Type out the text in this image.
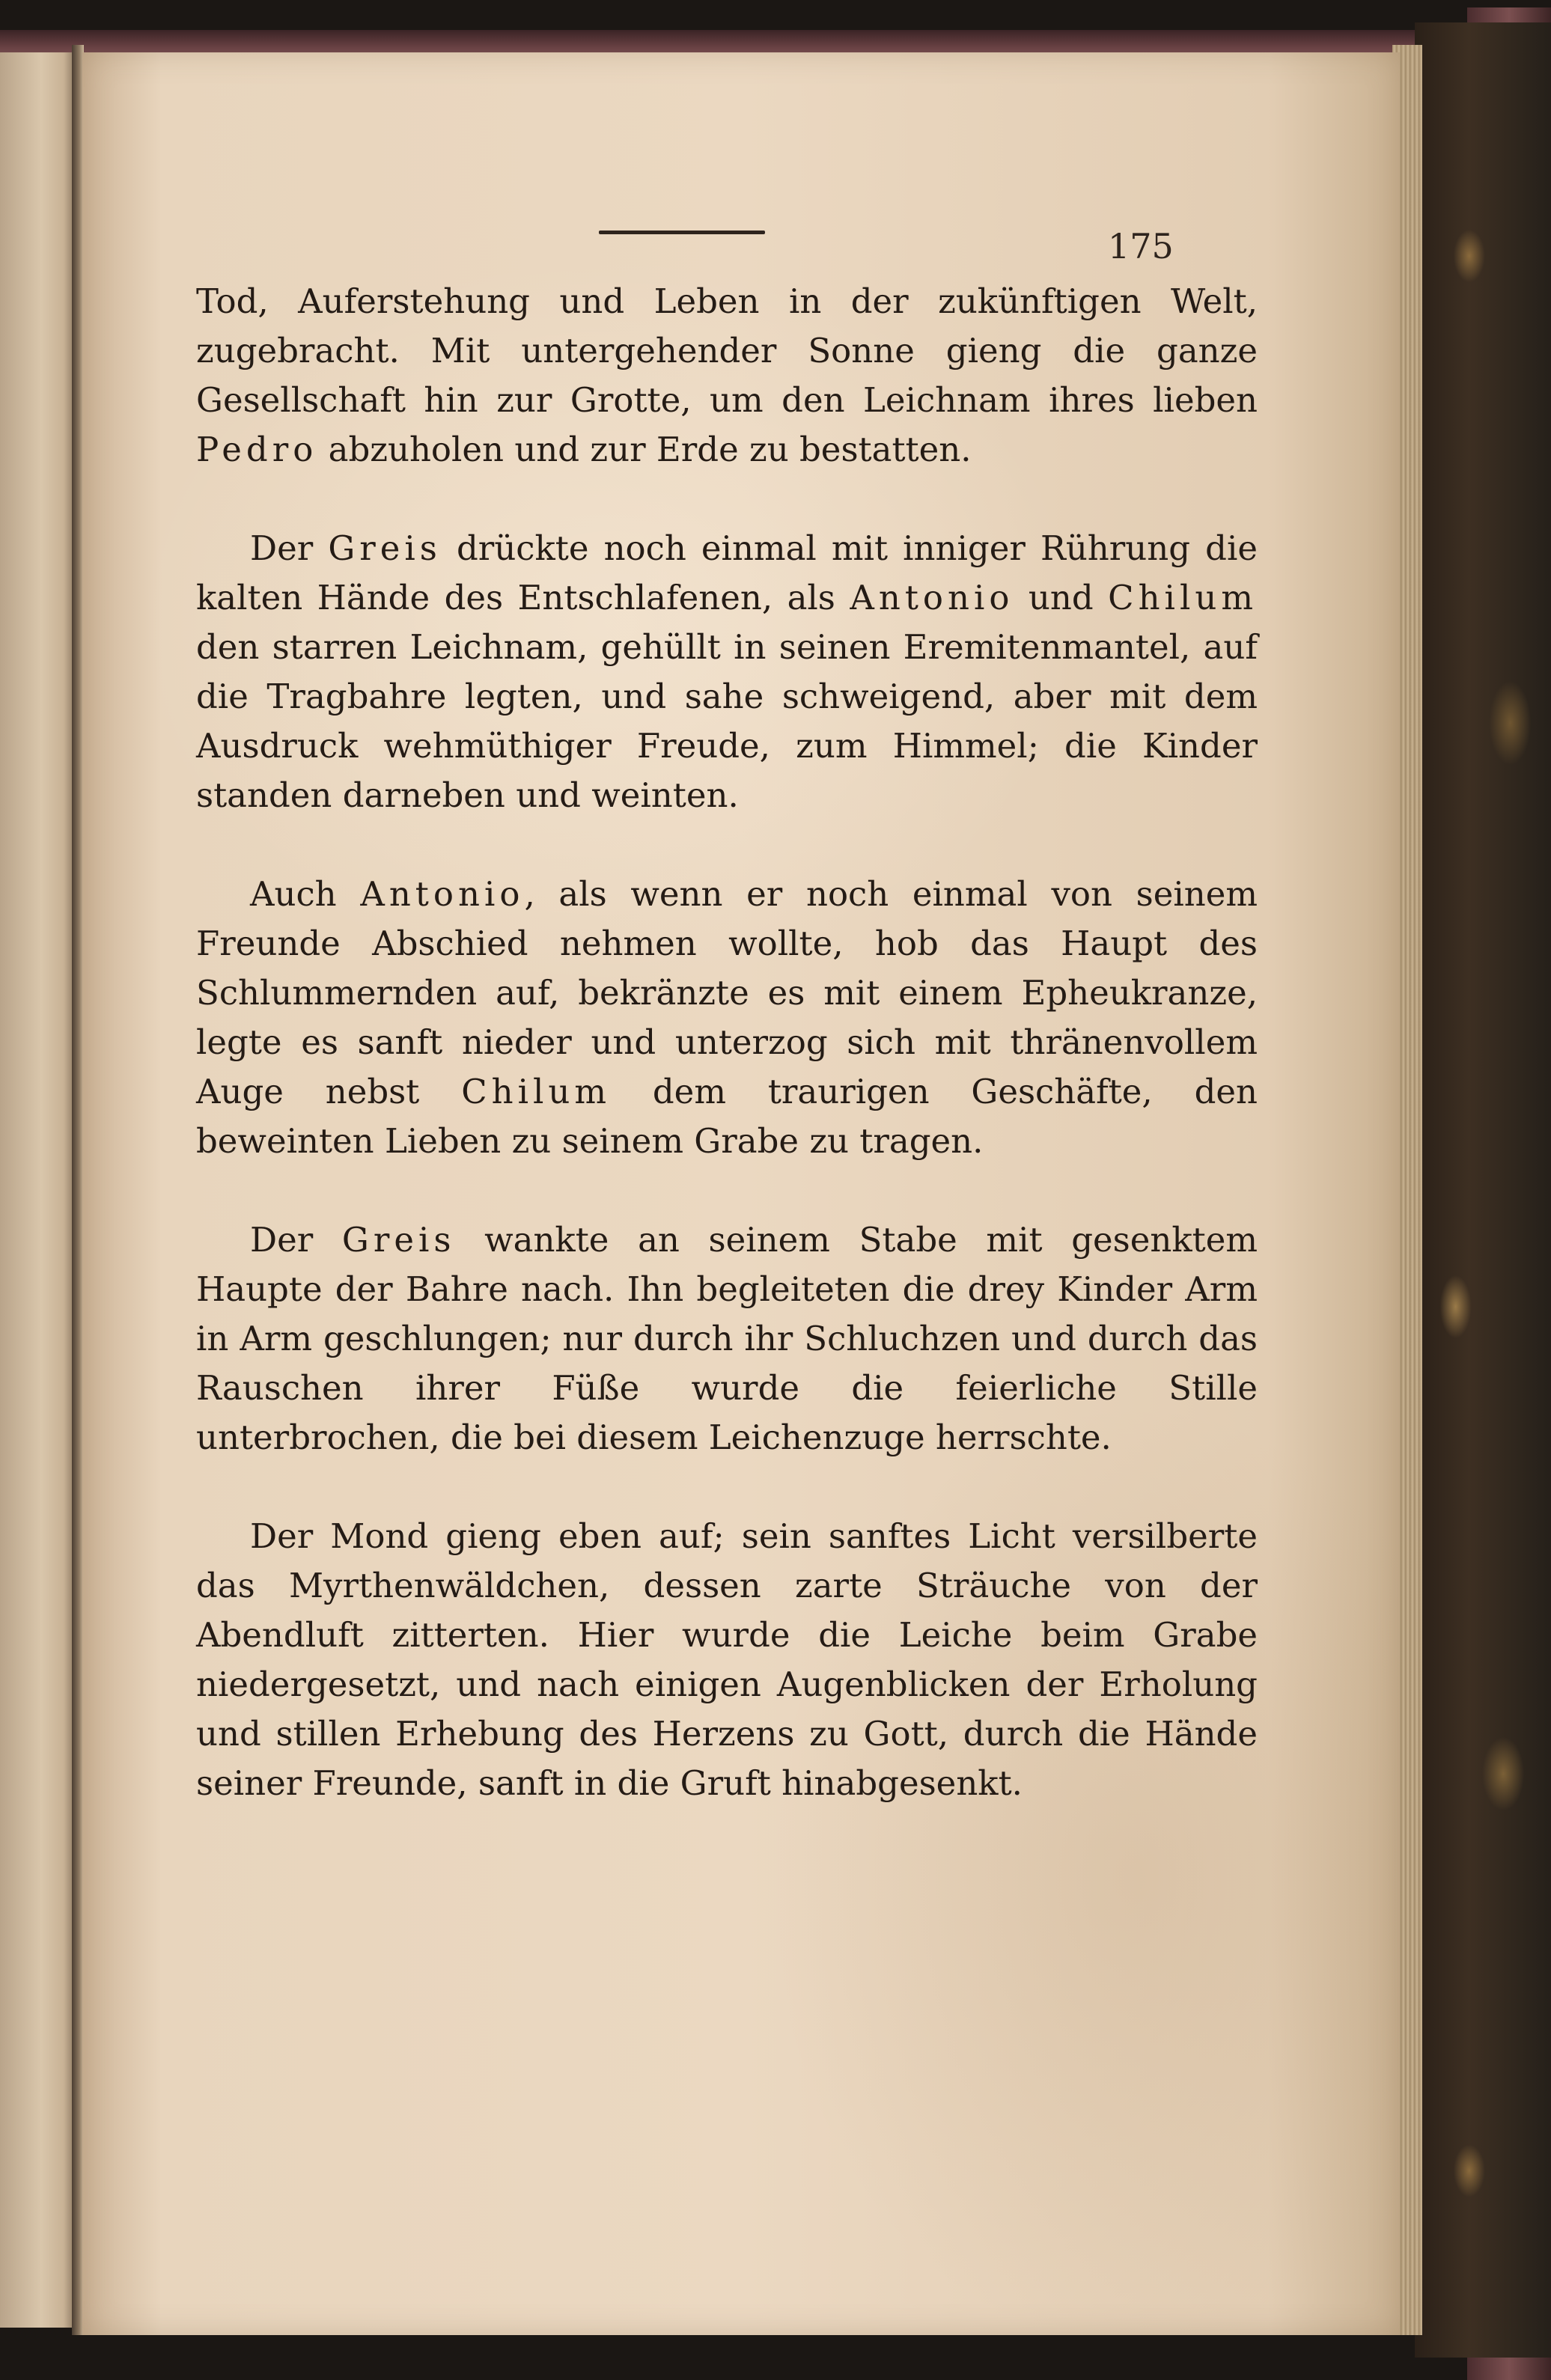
175

Tod, Auferstehung und Leben in der zukünftigen Welt, zugebracht. Mit untergehender Sonne gieng die ganze Gesellschaft hin zur Grotte, um den Leichnam ihres lieben Pedro abzuholen und zur Erde zu bestatten.

Der Greis drückte noch einmal mit inniger Rührung die kalten Hände des Entschlafenen, als Antonio und Chilum den starren Leichnam, gehüllt in seinen Eremitenmantel, auf die Tragbahre legten, und sahe schweigend, aber mit dem Ausdruck wehmüthiger Freude, zum Himmel; die Kinder standen darneben und weinten.

Auch Antonio, als wenn er noch einmal von seinem Freunde Abschied nehmen wollte, hob das Haupt des Schlummernden auf, bekränzte es mit einem Epheukranze, legte es sanft nieder und unterzog sich mit thränenvollem Auge nebst Chilum dem traurigen Geschäfte, den beweinten Lieben zu seinem Grabe zu tragen.

Der Greis wankte an seinem Stabe mit gesenktem Haupte der Bahre nach. Ihn begleiteten die drey Kinder Arm in Arm geschlungen; nur durch ihr Schluchzen und durch das Rauschen ihrer Füße wurde die feierliche Stille unterbrochen, die bei diesem Leichenzuge herrschte.

Der Mond gieng eben auf; sein sanftes Licht versilberte das Myrthenwäldchen, dessen zarte Sträuche von der Abendluft zitterten. Hier wurde die Leiche beim Grabe niedergesetzt, und nach einigen Augenblicken der Erholung und stillen Erhebung des Herzens zu Gott, durch die Hände seiner Freunde, sanft in die Gruft hinabgesenkt.
